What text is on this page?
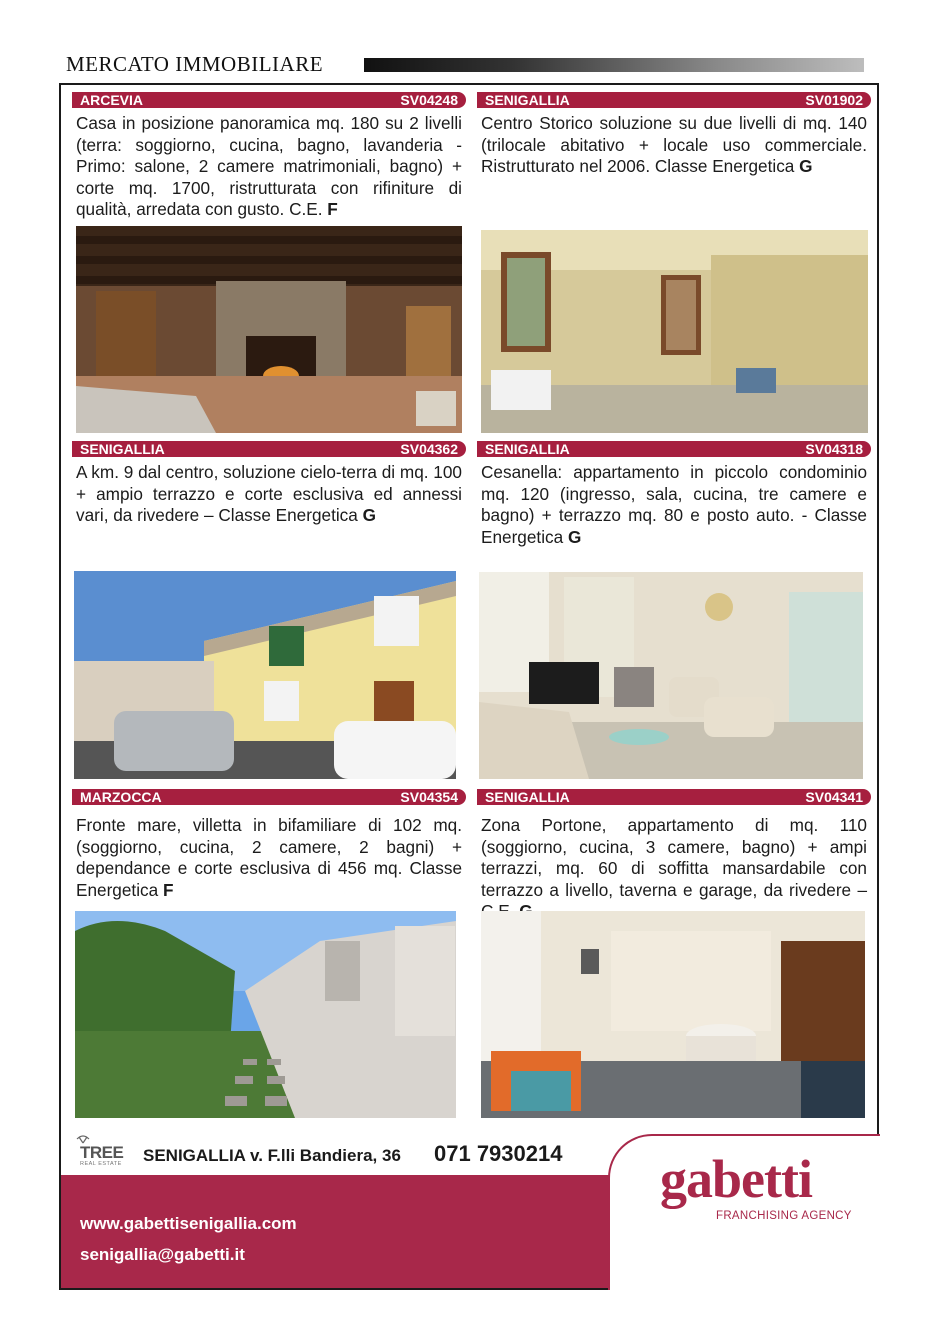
MERCATO IMMOBILIARE
ARCEVIA	SV04248
Casa in posizione panoramica mq. 180 su 2 livelli (terra: soggiorno, cucina, bagno, lavanderia - Primo: salone, 2 camere matrimoniali, bagno) + corte mq. 1700, ristrutturata con rifiniture di qualità, arredata con gusto. C.E. F
SENIGALLIA	SV01902
Centro Storico soluzione su due livelli di mq. 140 (trilocale abitativo + locale uso commerciale. Ristrutturato nel 2006. Classe Energetica G
SENIGALLIA	SV04362
A km. 9 dal centro, soluzione cielo-terra di mq. 100 + ampio terrazzo e corte esclusiva ed annessi vari, da rivedere – Classe Energetica G
SENIGALLIA	SV04318
Cesanella: appartamento in piccolo condominio mq. 120 (ingresso, sala, cucina, tre camere e bagno) + terrazzo mq. 80 e posto auto. - Classe Energetica G
MARZOCCA	SV04354
Fronte mare, villetta in bifamiliare di 102 mq. (soggiorno, cucina, 2 camere, 2 bagni) + dependance e corte esclusiva di 456 mq. Classe Energetica F
SENIGALLIA	SV04341
Zona Portone, appartamento di mq. 110 (soggiorno, cucina, 3 camere, bagno) + ampi terrazzi, mq. 60 di soffitta mansardabile con terrazzo a livello, taverna e garage, da rivedere –
gabetti
FRANCHISING AGENCY
TREE
REAL ESTATE SENIGALLIA v. F.lli Bandiera, 36 071 7930214
www.gabettisenigallia.com
senigallia@gabetti.it
